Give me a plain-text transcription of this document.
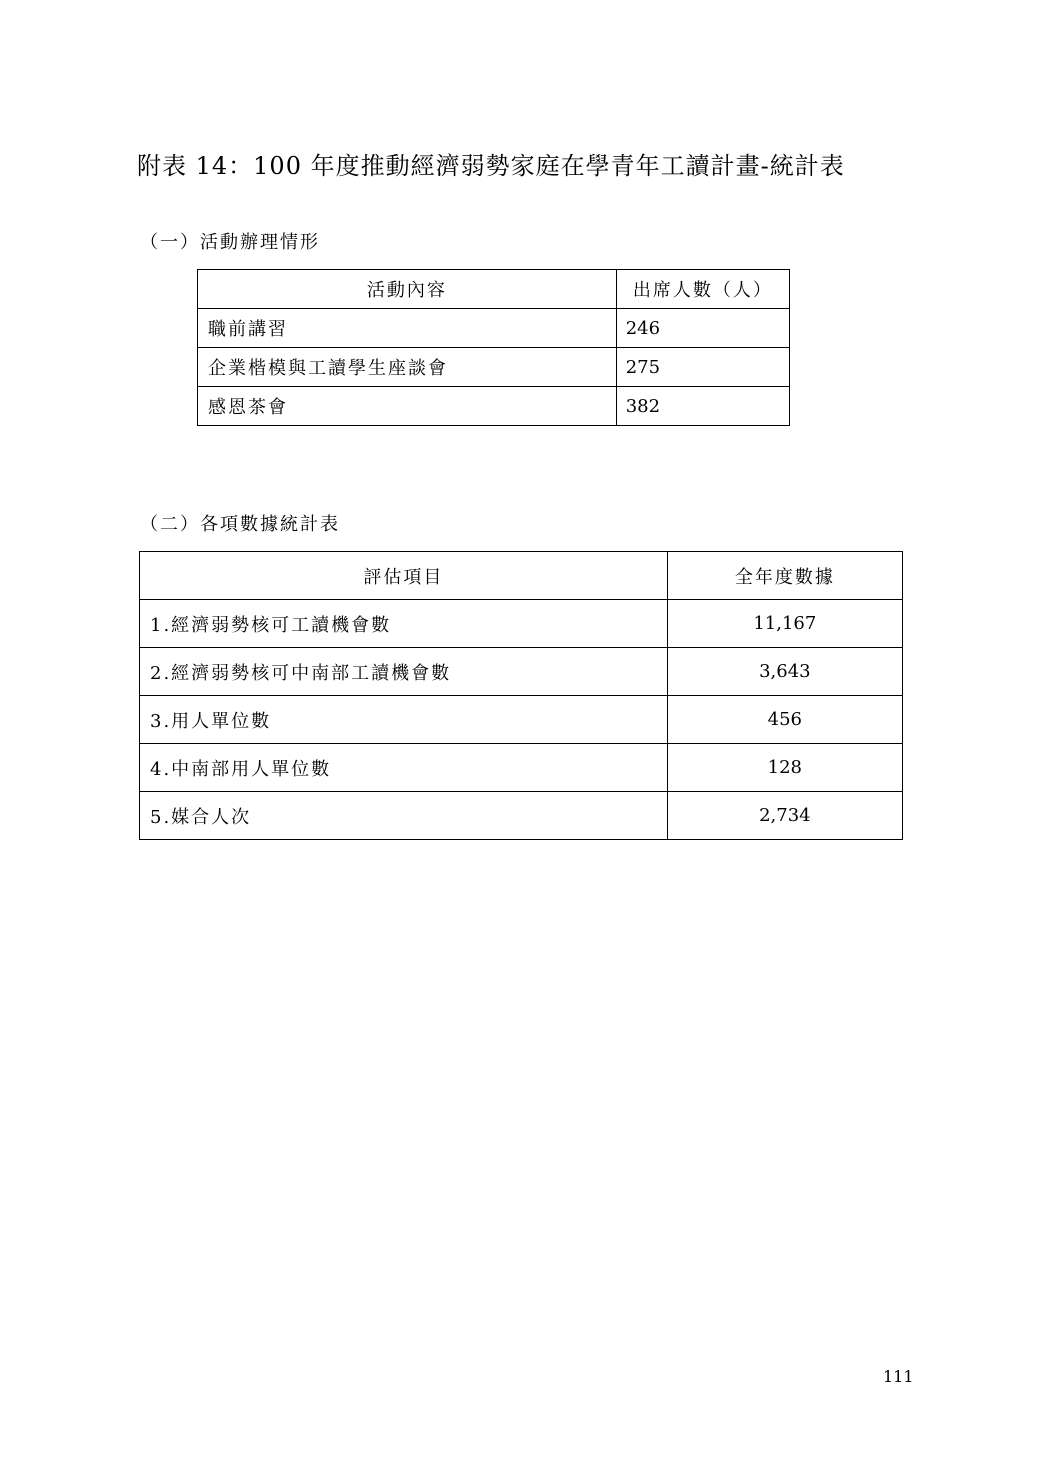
附表 14：100 年度推動經濟弱勢家庭在學青年工讀計畫-統計表
（一）活動辦理情形
活動內容	出席人數（人）
職前講習	246
企業楷模與工讀學生座談會	275
感恩茶會	382
（二）各項數據統計表
評估項目	全年度數據
1.經濟弱勢核可工讀機會數	11,167
2.經濟弱勢核可中南部工讀機會數	3,643
3.用人單位數	456
4.中南部用人單位數	128
5.媒合人次	2,734
111
